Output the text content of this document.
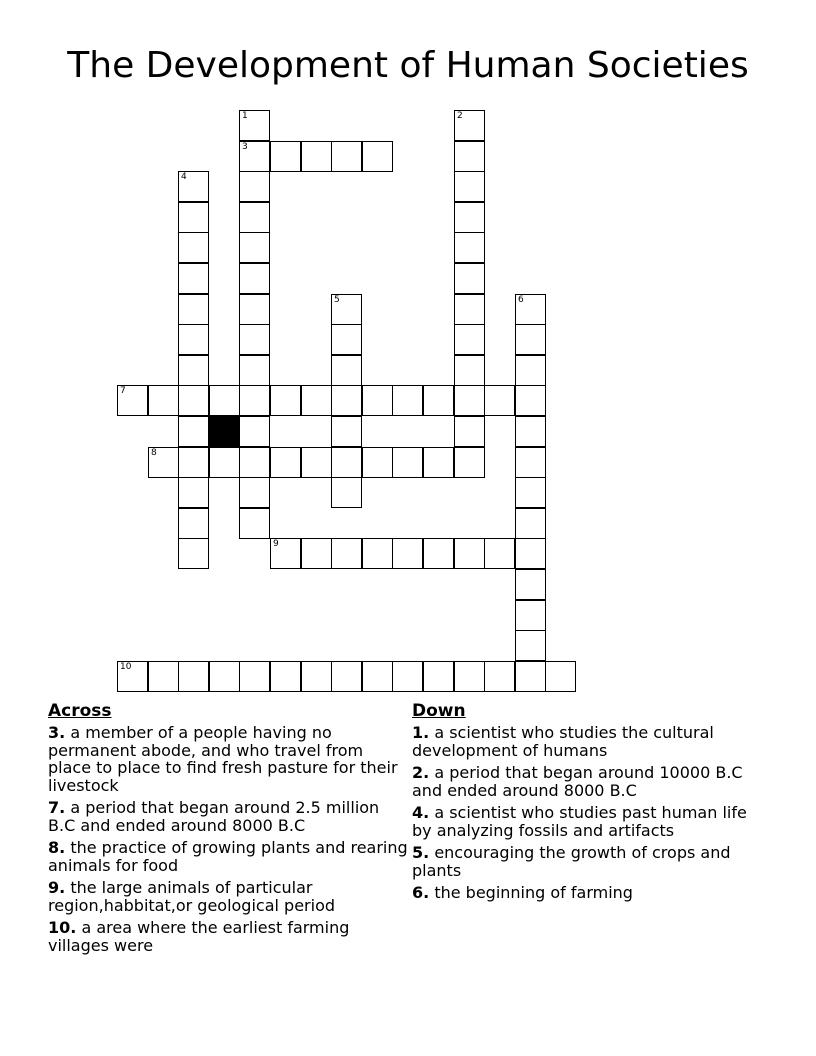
The Development of Human Societies
1	2
3
4
5	6
7
8
9
10
Across
3. a member of a people having no permanent abode, and who travel from place to place to find fresh pasture for their livestock
7. a period that began around 2.5 million B.C and ended around 8000 B.C
8. the practice of growing plants and rearing animals for food
9. the large animals of particular region,habbitat,or geological period
10. a area where the earliest farming villages were
Down
1. a scientist who studies the cultural development of humans
2. a period that began around 10000 B.C and ended around 8000 B.C
4. a scientist who studies past human life by analyzing fossils and artifacts
5. encouraging the growth of crops and plants
6. the beginning of farming
